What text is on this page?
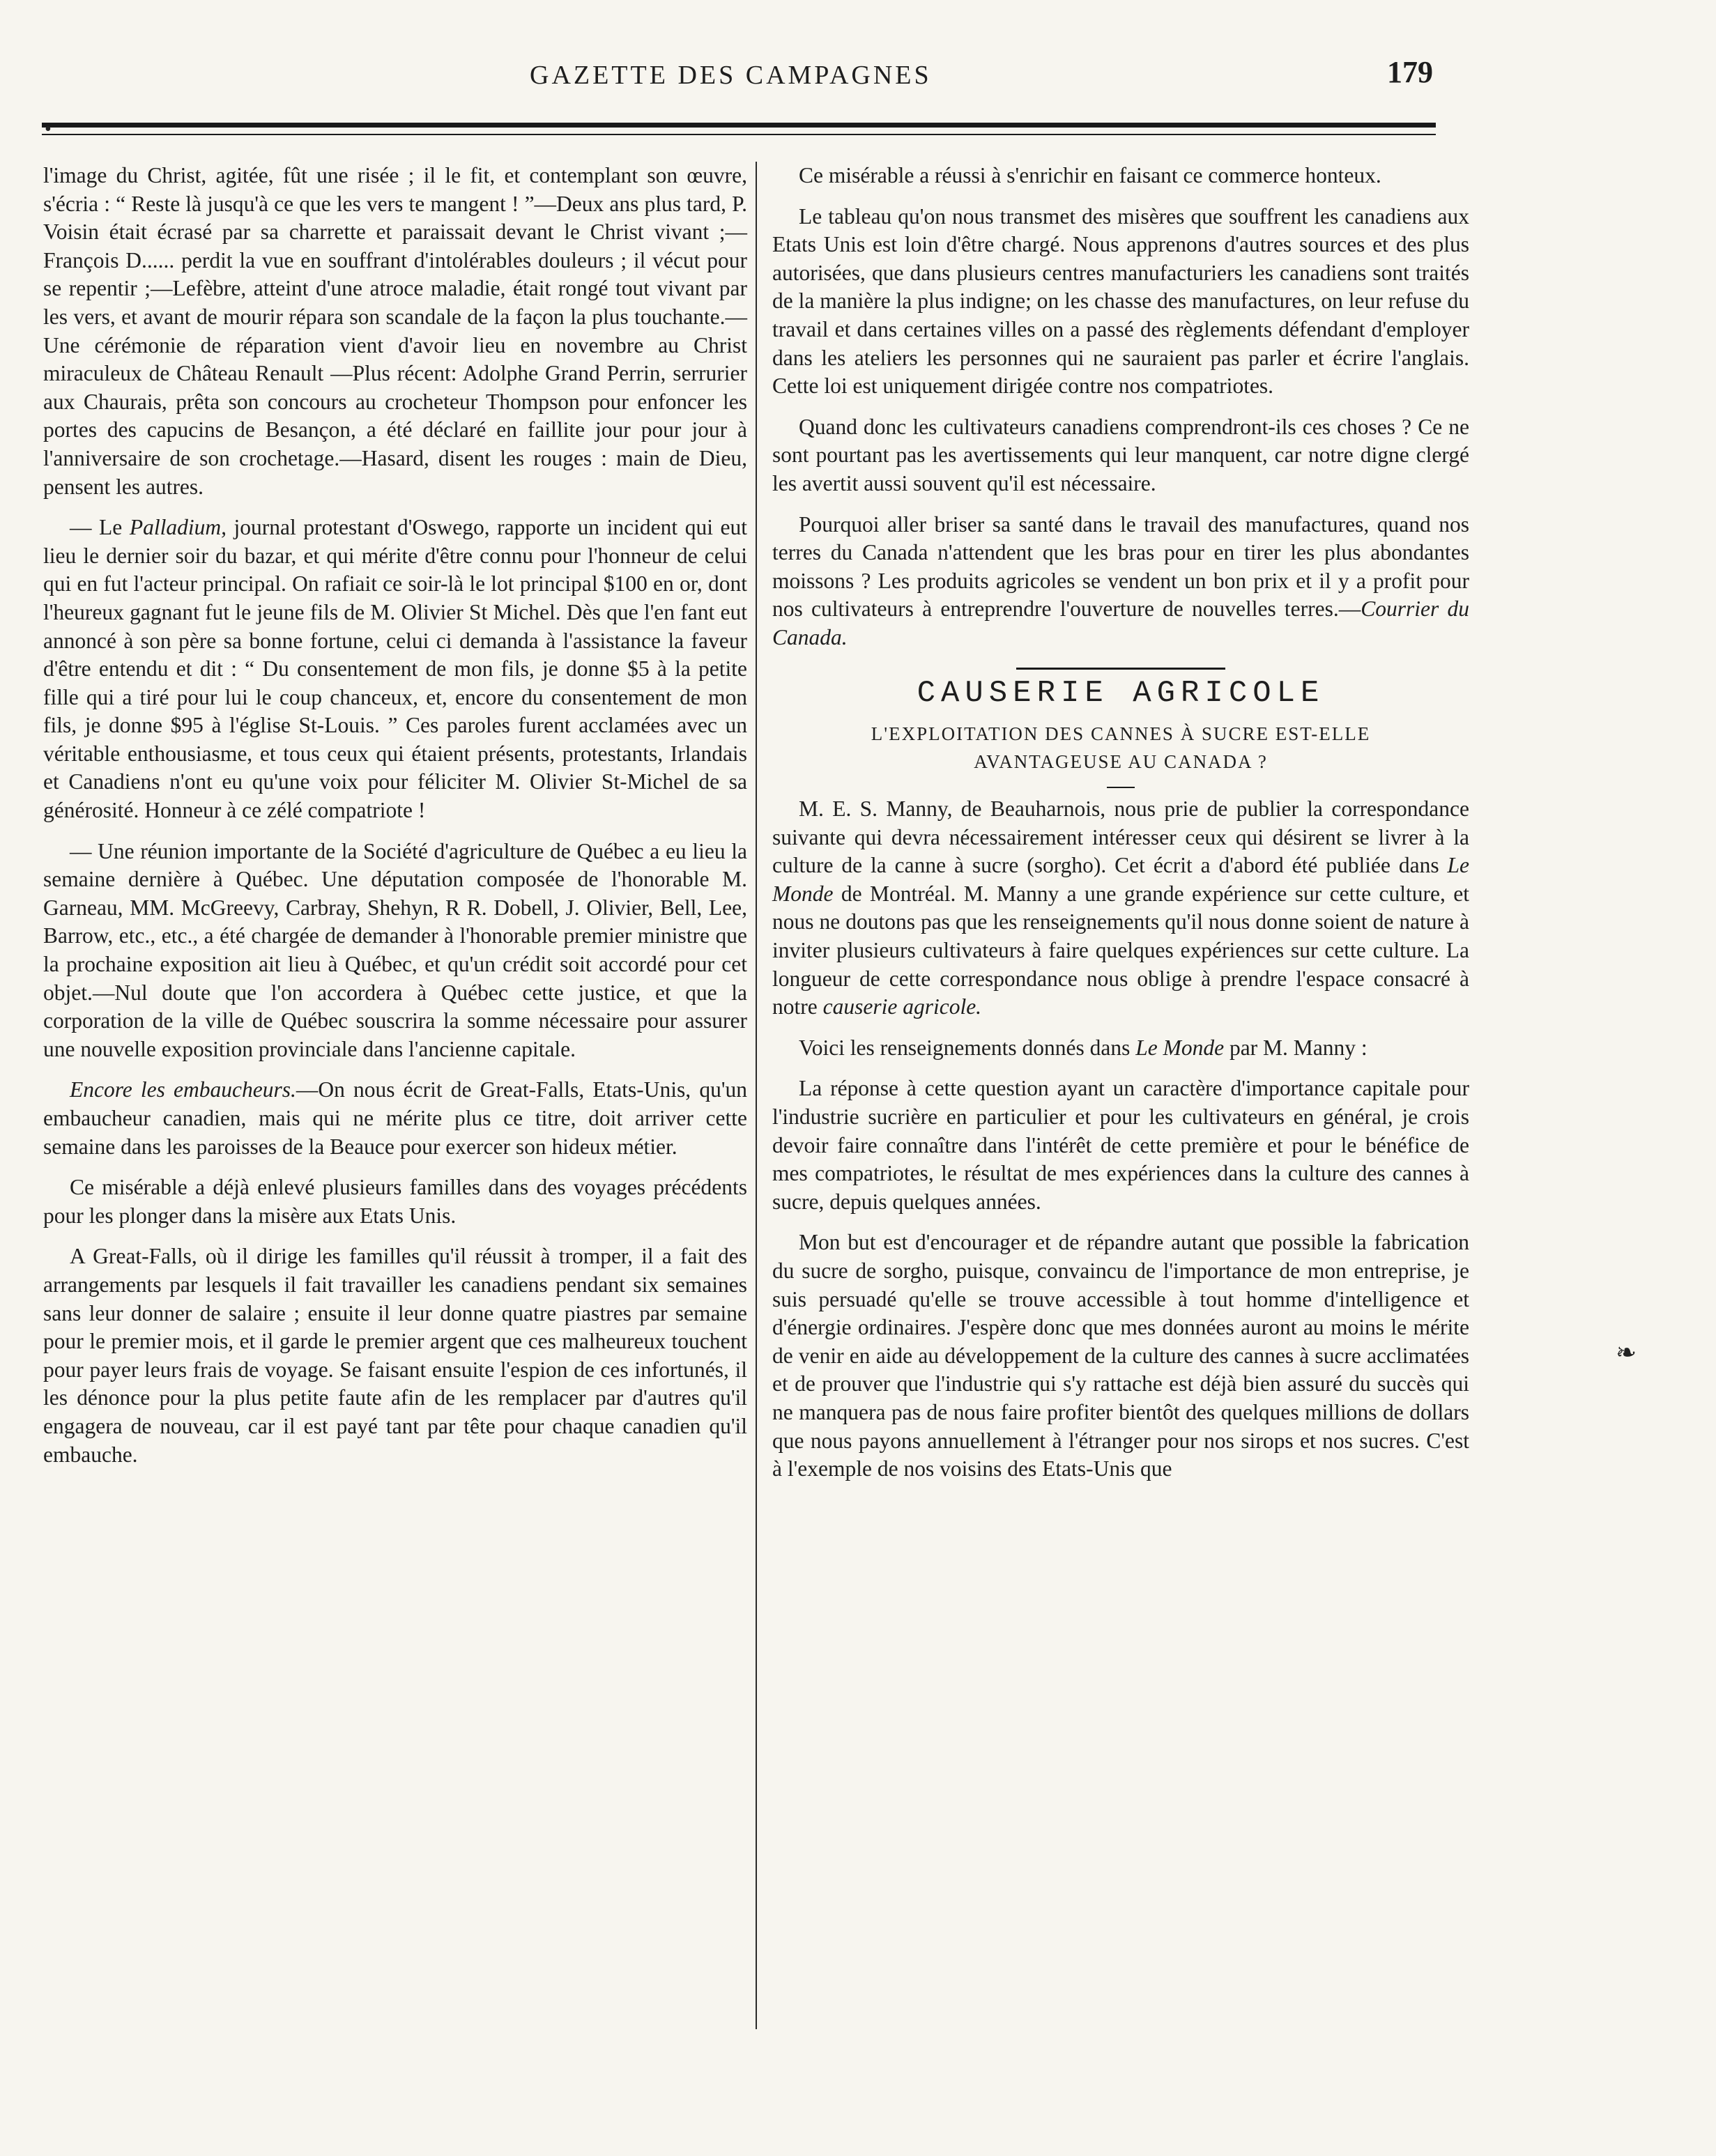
GAZETTE DES CAMPAGNES	179
•

l'image du Christ, agitée, fût une risée ; il le fit, et contemplant son œuvre, s'écria : “ Reste là jusqu'à ce que les vers te mangent ! ”—Deux ans plus tard, P. Voisin était écrasé par sa charrette et paraissait devant le Christ vivant ;—François D...... perdit la vue en souffrant d'intolérables douleurs ; il vécut pour se repentir ;—Lefèbre, atteint d'une atroce maladie, était rongé tout vivant par les vers, et avant de mourir répara son scandale de la façon la plus touchante.— Une cérémonie de réparation vient d'avoir lieu en novembre au Christ miraculeux de Château Renault —Plus récent: Adolphe Grand Perrin, serrurier aux Chaurais, prêta son concours au crocheteur Thompson pour enfoncer les portes des capucins de Besançon, a été déclaré en faillite jour pour jour à l'anniversaire de son crochetage.—Hasard, disent les rouges : main de Dieu, pensent les autres.

— Le Palladium, journal protestant d'Oswego, rapporte un incident qui eut lieu le dernier soir du bazar, et qui mérite d'être connu pour l'honneur de celui qui en fut l'acteur principal. On rafiait ce soir-là le lot principal $100 en or, dont l'heureux gagnant fut le jeune fils de M. Olivier St Michel. Dès que l'en fant eut annoncé à son père sa bonne fortune, celui ci demanda à l'assistance la faveur d'être entendu et dit : “ Du consentement de mon fils, je donne $5 à la petite fille qui a tiré pour lui le coup chanceux, et, encore du consentement de mon fils, je donne $95 à l'église St-Louis. ” Ces paroles furent acclamées avec un véritable enthousiasme, et tous ceux qui étaient présents, protestants, Irlandais et Canadiens n'ont eu qu'une voix pour féliciter M. Olivier St-Michel de sa générosité. Honneur à ce zélé compatriote !

— Une réunion importante de la Société d'agriculture de Québec a eu lieu la semaine dernière à Québec. Une députation composée de l'honorable M. Garneau, MM. McGreevy, Carbray, Shehyn, R R. Dobell, J. Olivier, Bell, Lee, Barrow, etc., etc., a été chargée de demander à l'honorable premier ministre que la prochaine exposition ait lieu à Québec, et qu'un crédit soit accordé pour cet objet.—Nul doute que l'on accordera à Québec cette justice, et que la corporation de la ville de Québec souscrira la somme nécessaire pour assurer une nouvelle exposition provinciale dans l'ancienne capitale.

Encore les embaucheurs.—On nous écrit de Great-Falls, Etats-Unis, qu'un embaucheur canadien, mais qui ne mérite plus ce titre, doit arriver cette semaine dans les paroisses de la Beauce pour exercer son hideux métier.

Ce misérable a déjà enlevé plusieurs familles dans des voyages précédents pour les plonger dans la misère aux Etats Unis.

A Great-Falls, où il dirige les familles qu'il réussit à tromper, il a fait des arrangements par lesquels il fait travailler les canadiens pendant six semaines sans leur donner de salaire ; ensuite il leur donne quatre piastres par semaine pour le premier mois, et il garde le premier argent que ces malheureux touchent pour payer leurs frais de voyage. Se faisant ensuite l'espion de ces infortunés, il les dénonce pour la plus petite faute afin de les remplacer par d'autres qu'il engagera de nouveau, car il est payé tant par tête pour chaque canadien qu'il embauche.

Ce misérable a réussi à s'enrichir en faisant ce commerce honteux.

Le tableau qu'on nous transmet des misères que souffrent les canadiens aux Etats Unis est loin d'être chargé. Nous apprenons d'autres sources et des plus autorisées, que dans plusieurs centres manufacturiers les canadiens sont traités de la manière la plus indigne; on les chasse des manufactures, on leur refuse du travail et dans certaines villes on a passé des règlements défendant d'employer dans les ateliers les personnes qui ne sauraient pas parler et écrire l'anglais. Cette loi est uniquement dirigée contre nos compatriotes.

Quand donc les cultivateurs canadiens comprendront-ils ces choses ? Ce ne sont pourtant pas les avertissements qui leur manquent, car notre digne clergé les avertit aussi souvent qu'il est nécessaire.

Pourquoi aller briser sa santé dans le travail des manufactures, quand nos terres du Canada n'attendent que les bras pour en tirer les plus abondantes moissons ? Les produits agricoles se vendent un bon prix et il y a profit pour nos cultivateurs à entreprendre l'ouverture de nouvelles terres.—Courrier du Canada.

CAUSERIE AGRICOLE
L'EXPLOITATION DES CANNES À SUCRE EST-ELLE
AVANTAGEUSE AU CANADA ?

M. E. S. Manny, de Beauharnois, nous prie de publier la correspondance suivante qui devra nécessairement intéresser ceux qui désirent se livrer à la culture de la canne à sucre (sorgho). Cet écrit a d'abord été publiée dans Le Monde de Montréal. M. Manny a une grande expérience sur cette culture, et nous ne doutons pas que les renseignements qu'il nous donne soient de nature à inviter plusieurs cultivateurs à faire quelques expériences sur cette culture. La longueur de cette correspondance nous oblige à prendre l'espace consacré à notre causerie agricole.

Voici les renseignements donnés dans Le Monde par M. Manny :

La réponse à cette question ayant un caractère d'importance capitale pour l'industrie sucrière en particulier et pour les cultivateurs en général, je crois devoir faire connaître dans l'intérêt de cette première et pour le bénéfice de mes compatriotes, le résultat de mes expériences dans la culture des cannes à sucre, depuis quelques années.

Mon but est d'encourager et de répandre autant que possible la fabrication du sucre de sorgho, puisque, convaincu de l'importance de mon entreprise, je suis persuadé qu'elle se trouve accessible à tout homme d'intelligence et d'énergie ordinaires. J'espère donc que mes données auront au moins le mérite de venir en aide au développement de la culture des cannes à sucre acclimatées et de prouver que l'industrie qui s'y rattache est déjà bien assuré du succès qui ne manquera pas de nous faire profiter bientôt des quelques millions de dollars que nous payons annuellement à l'étranger pour nos sirops et nos sucres. C'est à l'exemple de nos voisins des Etats-Unis que

❧
